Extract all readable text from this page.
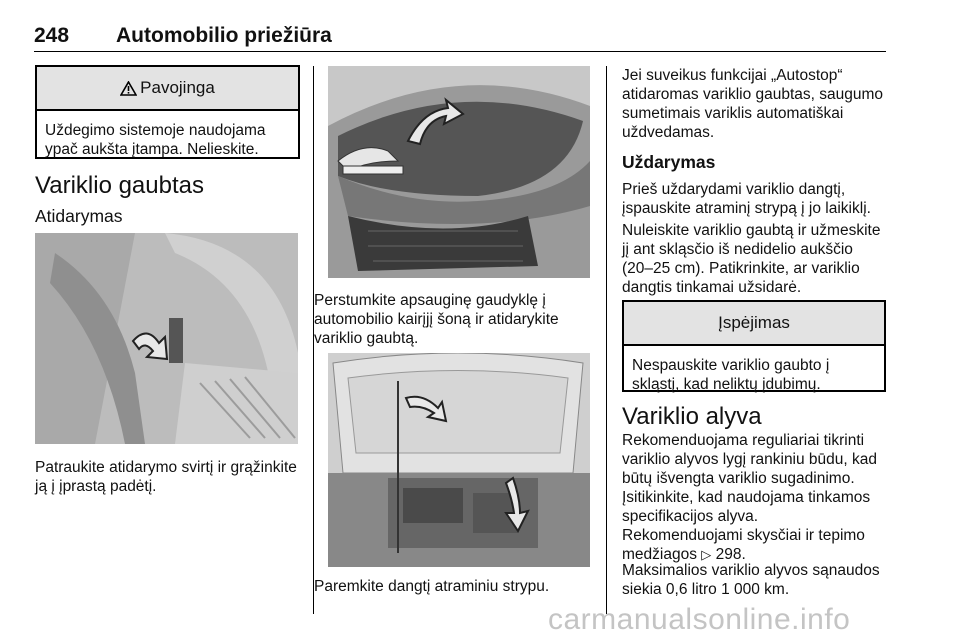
248 Automobilio priežiūra
Pavojinga
Uždegimo sistemoje naudojama ypač aukšta įtampa. Nelieskite.
Variklio gaubtas
Atidarymas
Patraukite atidarymo svirtį ir grąžinkite ją į įprastą padėtį.
Perstumkite apsauginę gaudyklę į automobilio kairįjį šoną ir atidarykite variklio gaubtą.
Paremkite dangtį atraminiu strypu.
Jei suveikus funkcijai „Autostop“ atidaromas variklio gaubtas, saugumo sumetimais variklis automatiškai uždvedamas.
Uždarymas
Prieš uždarydami variklio dangtį, įspauskite atraminį strypą į jo laikiklį.
Nuleiskite variklio gaubtą ir užmeskite jį ant skląsčio iš nedidelio aukščio (20–25 cm). Patikrinkite, ar variklio dangtis tinkamai užsidarė.
Įspėjimas
Nespauskite variklio gaubto į skląstį, kad neliktų įdubimų.
Variklio alyva
Rekomenduojama reguliariai tikrinti variklio alyvos lygį rankiniu būdu, kad būtų išvengta variklio sugadinimo.
Įsitikinkite, kad naudojama tinkamos specifikacijos alyva.
Rekomenduojami skysčiai ir tepimo medžiagos ▷ 298.
Maksimalios variklio alyvos sąnaudos siekia 0,6 litro 1 000 km.
carmanualsonline.info
